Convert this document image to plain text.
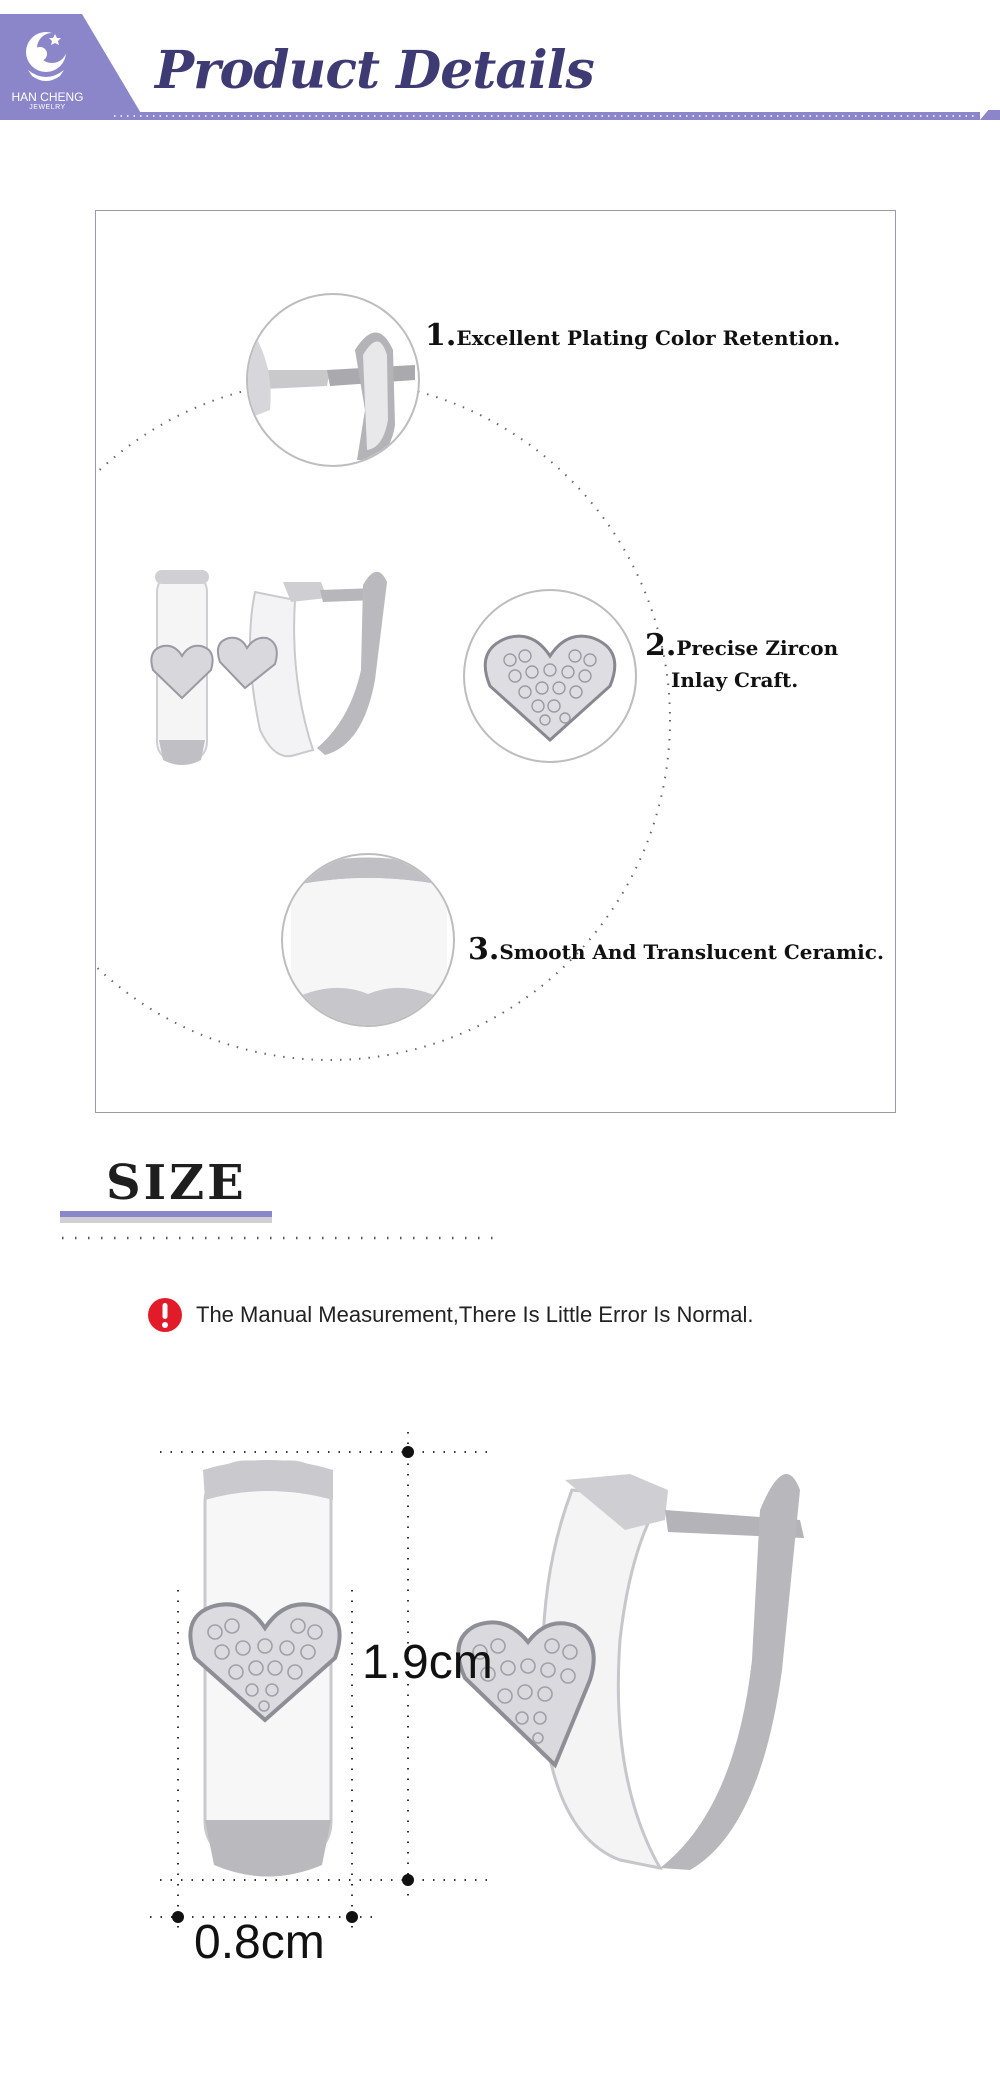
HAN CHENG
JEWELRY
Product Details
1.Excellent Plating Color Retention.
2.Precise Zircon
Inlay Craft.
3.Smooth And Translucent Ceramic.
SIZE
The Manual Measurement,There Is Little Error Is Normal.
1.9cm
0.8cm
